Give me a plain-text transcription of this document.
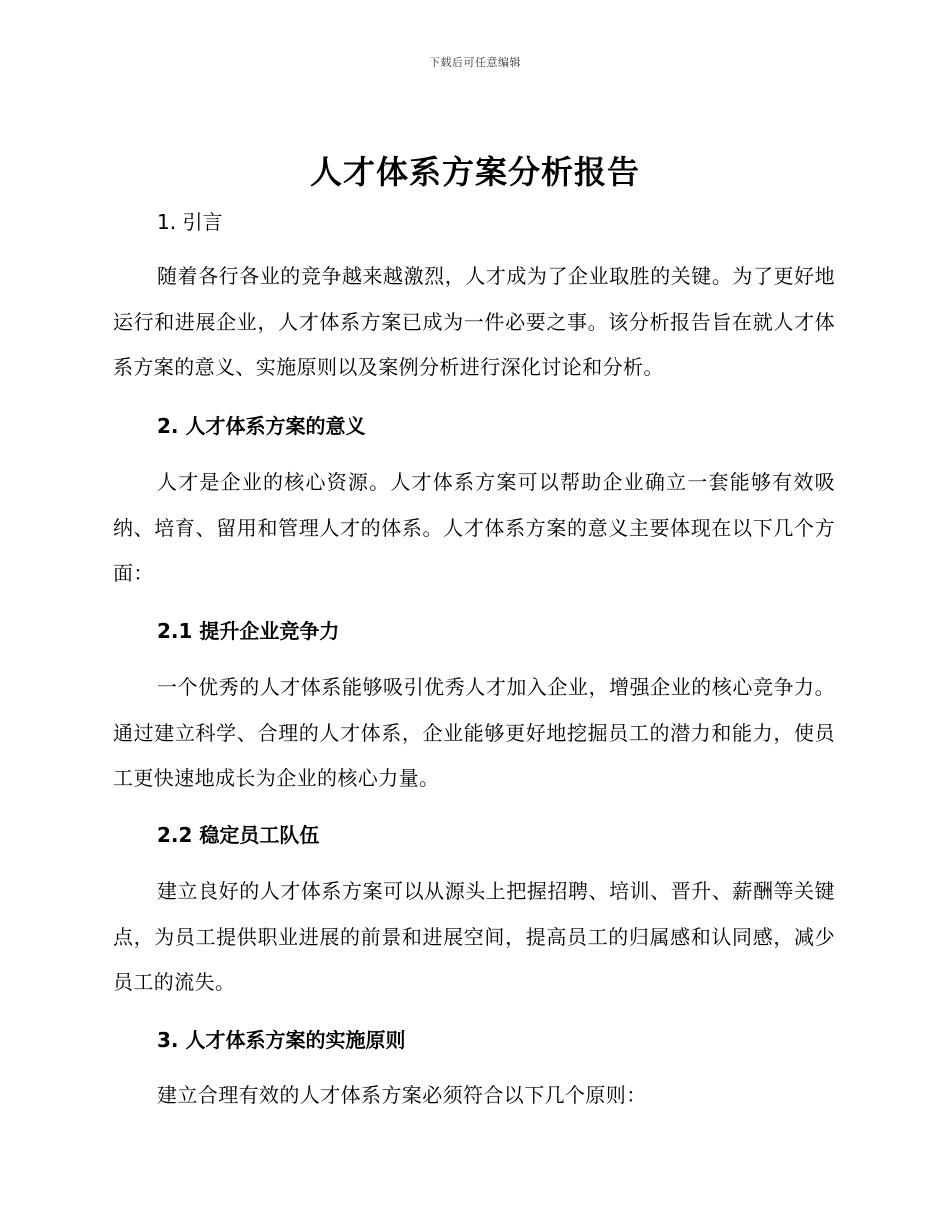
下载后可任意编辑
人才体系方案分析报告
1. 引言

随着各行各业的竞争越来越激烈，人才成为了企业取胜的关键。为了更好地运行和进展企业，人才体系方案已成为一件必要之事。该分析报告旨在就人才体系方案的意义、实施原则以及案例分析进行深化讨论和分析。

2. 人才体系方案的意义

人才是企业的核心资源。人才体系方案可以帮助企业确立一套能够有效吸纳、培育、留用和管理人才的体系。人才体系方案的意义主要体现在以下几个方面：

2.1 提升企业竞争力

一个优秀的人才体系能够吸引优秀人才加入企业，增强企业的核心竞争力。通过建立科学、合理的人才体系，企业能够更好地挖掘员工的潜力和能力，使员工更快速地成长为企业的核心力量。

2.2 稳定员工队伍

建立良好的人才体系方案可以从源头上把握招聘、培训、晋升、薪酬等关键点，为员工提供职业进展的前景和进展空间，提高员工的归属感和认同感，减少员工的流失。

3. 人才体系方案的实施原则

建立合理有效的人才体系方案必须符合以下几个原则：
